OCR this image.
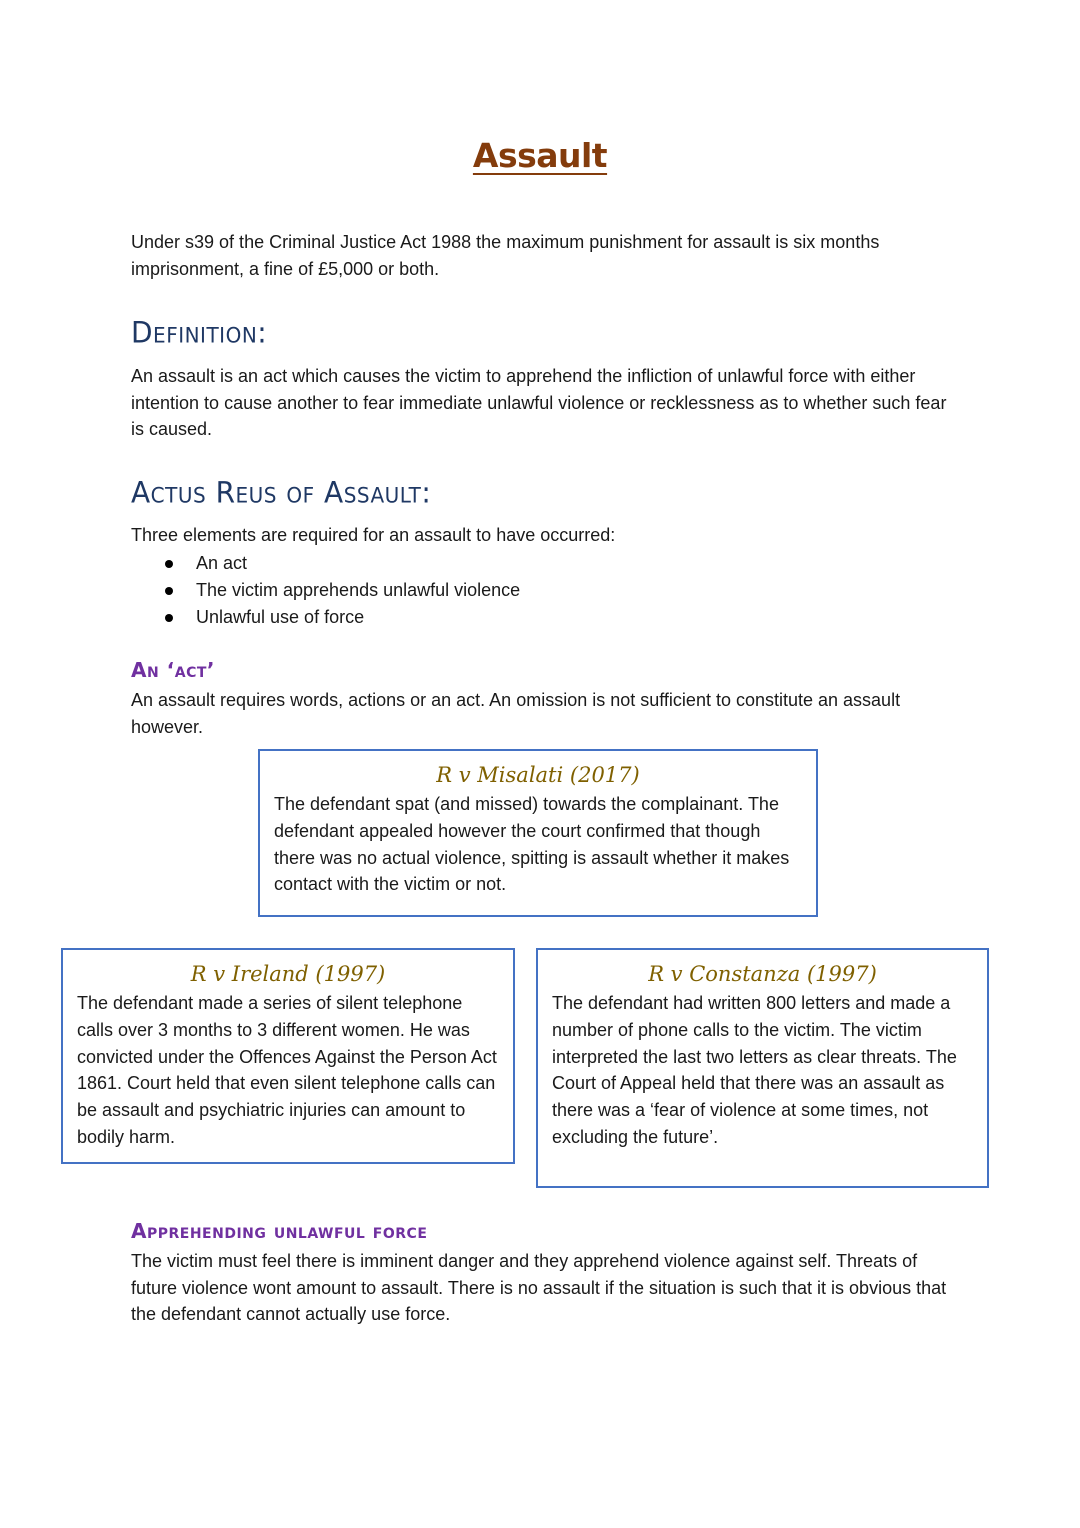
Assault

Under s39 of the Criminal Justice Act 1988 the maximum punishment for assault is six months imprisonment, a fine of £5,000 or both.

Definition:

An assault is an act which causes the victim to apprehend the infliction of unlawful force with either intention to cause another to fear immediate unlawful violence or recklessness as to whether such fear is caused.

Actus Reus of Assault:

Three elements are required for an assault to have occurred:

An act
The victim apprehends unlawful violence
Unlawful use of force
An ‘act’

An assault requires words, actions or an act. An omission is not sufficient to constitute an assault however.

R v Misalati (2017)

The defendant spat (and missed) towards the complainant. The defendant appealed however the court confirmed that though there was no actual violence, spitting is assault whether it makes contact with the victim or not.

R v Ireland (1997)

The defendant made a series of silent telephone calls over 3 months to 3 different women. He was convicted under the Offences Against the Person Act 1861. Court held that even silent telephone calls can be assault and psychiatric injuries can amount to bodily harm.

R v Constanza (1997)

The defendant had written 800 letters and made a number of phone calls to the victim. The victim interpreted the last two letters as clear threats. The Court of Appeal held that there was an assault as there was a ‘fear of violence at some times, not excluding the future’.

Apprehending unlawful force

The victim must feel there is imminent danger and they apprehend violence against self. Threats of future violence wont amount to assault. There is no assault if the situation is such that it is obvious that the defendant cannot actually use force.
